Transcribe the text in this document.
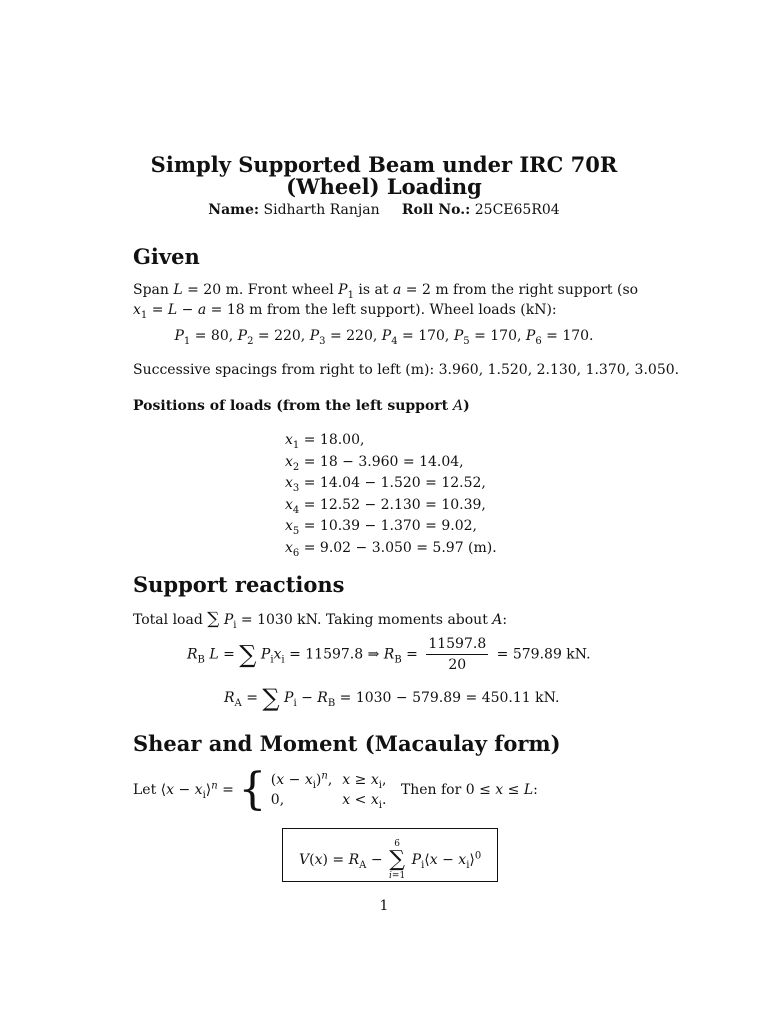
Simply Supported Beam under IRC 70R
(Wheel) Loading
Name: Sidharth Ranjan Roll No.: 25CE65R04
Given
Span L = 20 m. Front wheel $P_1$ is at a = 2 m from the right support (so
$x_1 = L - a = 18$ m from the left support). Wheel loads (kN):
$P_1 = 80$, $P_2 = 220$, $P_3 = 220$, $P_4 = 170$, $P_5 = 170$, $P_6 = 170$.
Successive spacings from right to left (m): 3.960, 1.520, 2.130, 1.370, 3.050.
Positions of loads (from the left support A)
$x_1 = 18.00$,
$x_2 = 18 - 3.960 = 14.04$,
$x_3 = 14.04 - 1.520 = 12.52$,
$x_4 = 12.52 - 2.130 = 10.39$,
$x_5 = 10.39 - 1.370 = 9.02$,
$x_6 = 9.02 - 3.050 = 5.97$ (m).
Support reactions
Total load ∑ $P_i = 1030$ kN. Taking moments about A:
$R_B$ L = ∑ $P_ix_i = 11597.8$ ⇒ $R_B = \frac{11597.8}{20} = 579.89$ kN.
$R_A$ = ∑ $P_i - R_B = 1030 - 579.89 = 450.11$ kN.
Shear and Moment (Macaulay form)
Let ⟨x − $x_i⟩^n$ = { $(x - x_i)^n$,	$x \ge x_i$,
0,	$x < x_i$. Then for 0 ≤ x ≤ L:
$V(x) = R_A$ −
6
∑
i=1
$P_i⟨x$ − $x_i⟩^0$
1
